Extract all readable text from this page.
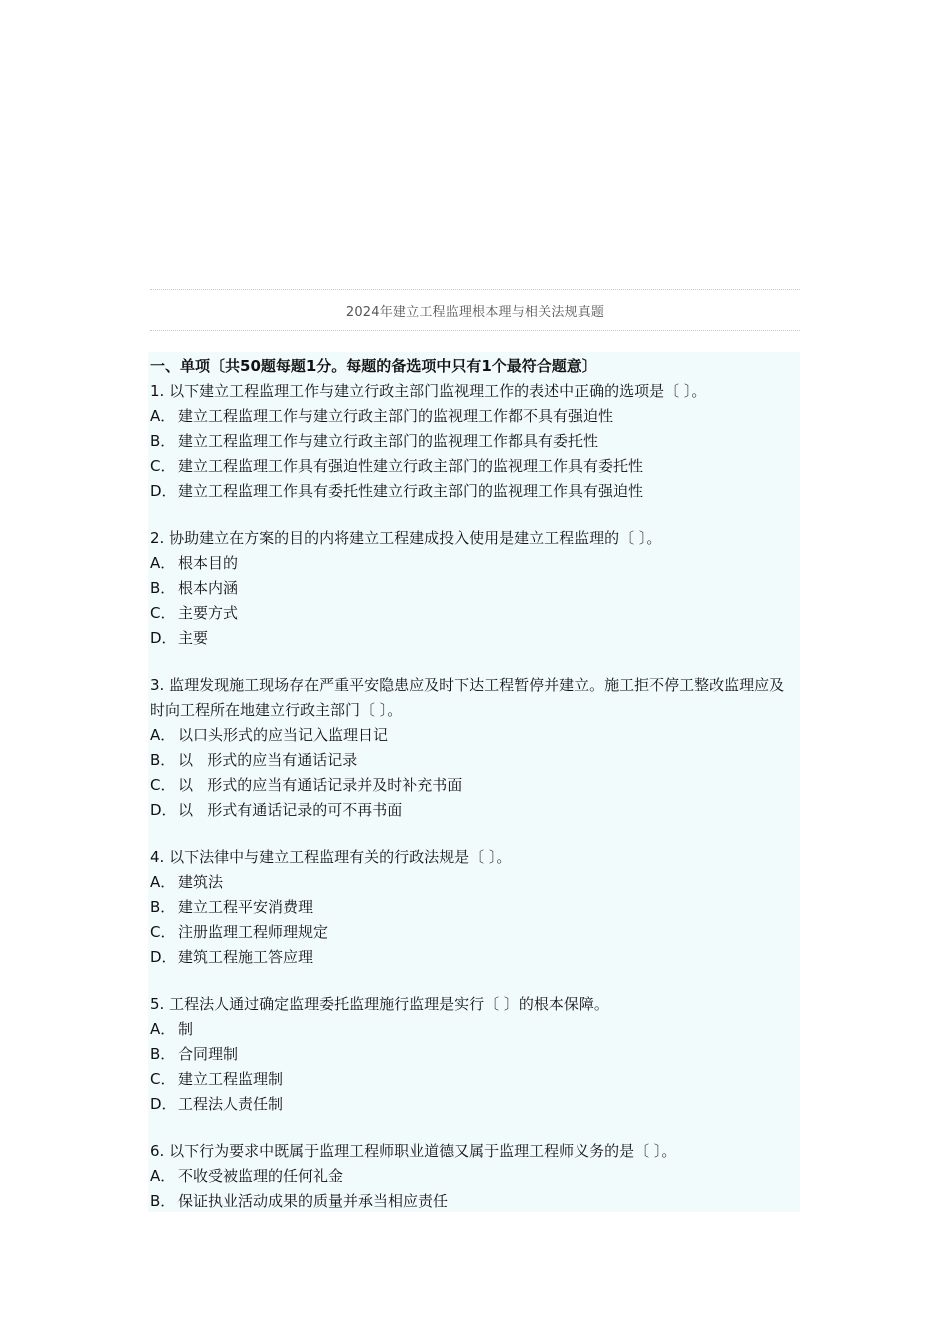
2024年建立工程监理根本理与相关法规真题
一、单项〔共50题每题1分。每题的备选项中只有1个最符合题意〕
1. 以下建立工程监理工作与建立行政主部门监视理工作的表述中正确的选项是〔 〕。
A． 建立工程监理工作与建立行政主部门的监视理工作都不具有强迫性
B． 建立工程监理工作与建立行政主部门的监视理工作都具有委托性
C． 建立工程监理工作具有强迫性建立行政主部门的监视理工作具有委托性
D．建立工程监理工作具有委托性建立行政主部门的监视理工作具有强迫性
2. 协助建立在方案的目的内将建立工程建成投入使用是建立工程监理的〔 〕。
A． 根本目的
B． 根本内涵
C． 主要方式
D．主要
3. 监理发现施工现场存在严重平安隐患应及时下达工程暂停并建立。施工拒不停工整改监理应及时向工程所在地建立行政主部门〔 〕。
A． 以口头形式的应当记入监理日记
B． 以   形式的应当有通话记录
C． 以   形式的应当有通话记录并及时补充书面
D．以   形式有通话记录的可不再书面
4. 以下法律中与建立工程监理有关的行政法规是〔 〕。
A． 建筑法
B． 建立工程平安消费理
C． 注册监理工程师理规定
D．建筑工程施工答应理
5. 工程法人通过确定监理委托监理施行监理是实行〔 〕的根本保障。
A． 制
B． 合同理制
C． 建立工程监理制
D．工程法人责任制
6. 以下行为要求中既属于监理工程师职业道德又属于监理工程师义务的是〔 〕。
A． 不收受被监理的任何礼金
B． 保证执业活动成果的质量并承当相应责任
